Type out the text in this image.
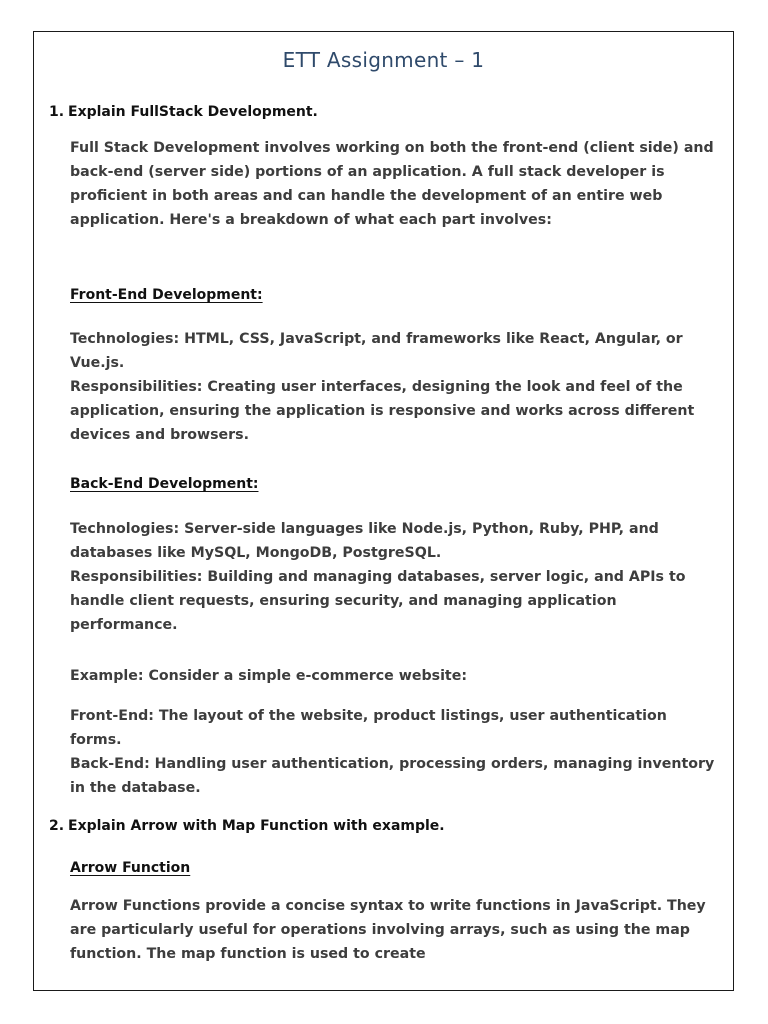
ETT Assignment – 1
1. Explain FullStack Development.

Full Stack Development involves working on both the front-end (client side) and back-end (server side) portions of an application. A full stack developer is proficient in both areas and can handle the development of an entire web application. Here's a breakdown of what each part involves:

Front-End Development:

Technologies: HTML, CSS, JavaScript, and frameworks like React, Angular, or Vue.js.

Responsibilities: Creating user interfaces, designing the look and feel of the application, ensuring the application is responsive and works across different devices and browsers.

Back-End Development:

Technologies: Server-side languages like Node.js, Python, Ruby, PHP, and databases like MySQL, MongoDB, PostgreSQL.

Responsibilities: Building and managing databases, server logic, and APIs to handle client requests, ensuring security, and managing application performance.

Example: Consider a simple e-commerce website:

Front-End: The layout of the website, product listings, user authentication forms.

Back-End: Handling user authentication, processing orders, managing inventory in the database.

2. Explain Arrow with Map Function with example.
Arrow Function

Arrow Functions provide a concise syntax to write functions in JavaScript. They are particularly useful for operations involving arrays, such as using the map function. The map function is used to create
